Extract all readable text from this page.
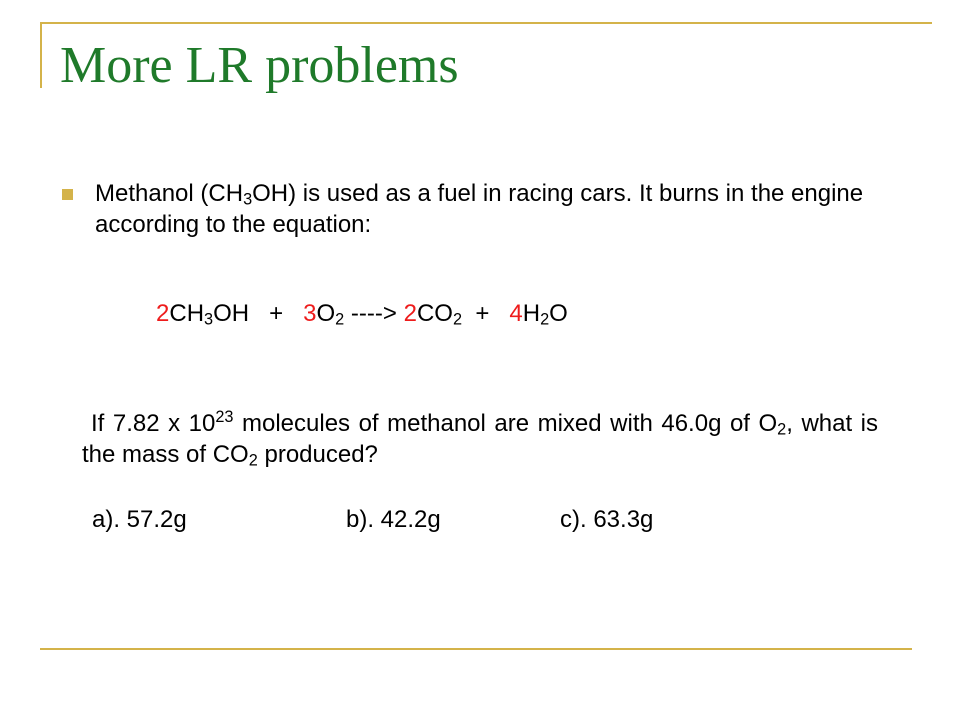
More LR problems

Methanol $(CH_3OH)$ is used as a fuel in racing cars. It burns in the engine according to the equation:

$2CH_3OH + 3O_2$ ----> $2CO_2 + 4H_2O$

If 7.82 x $10^{23}$ molecules of methanol are mixed with 46.0g of $O_2$, what is the mass of $CO_2$ produced?

a). 57.2g	b). 42.2g	c). 63.3g
